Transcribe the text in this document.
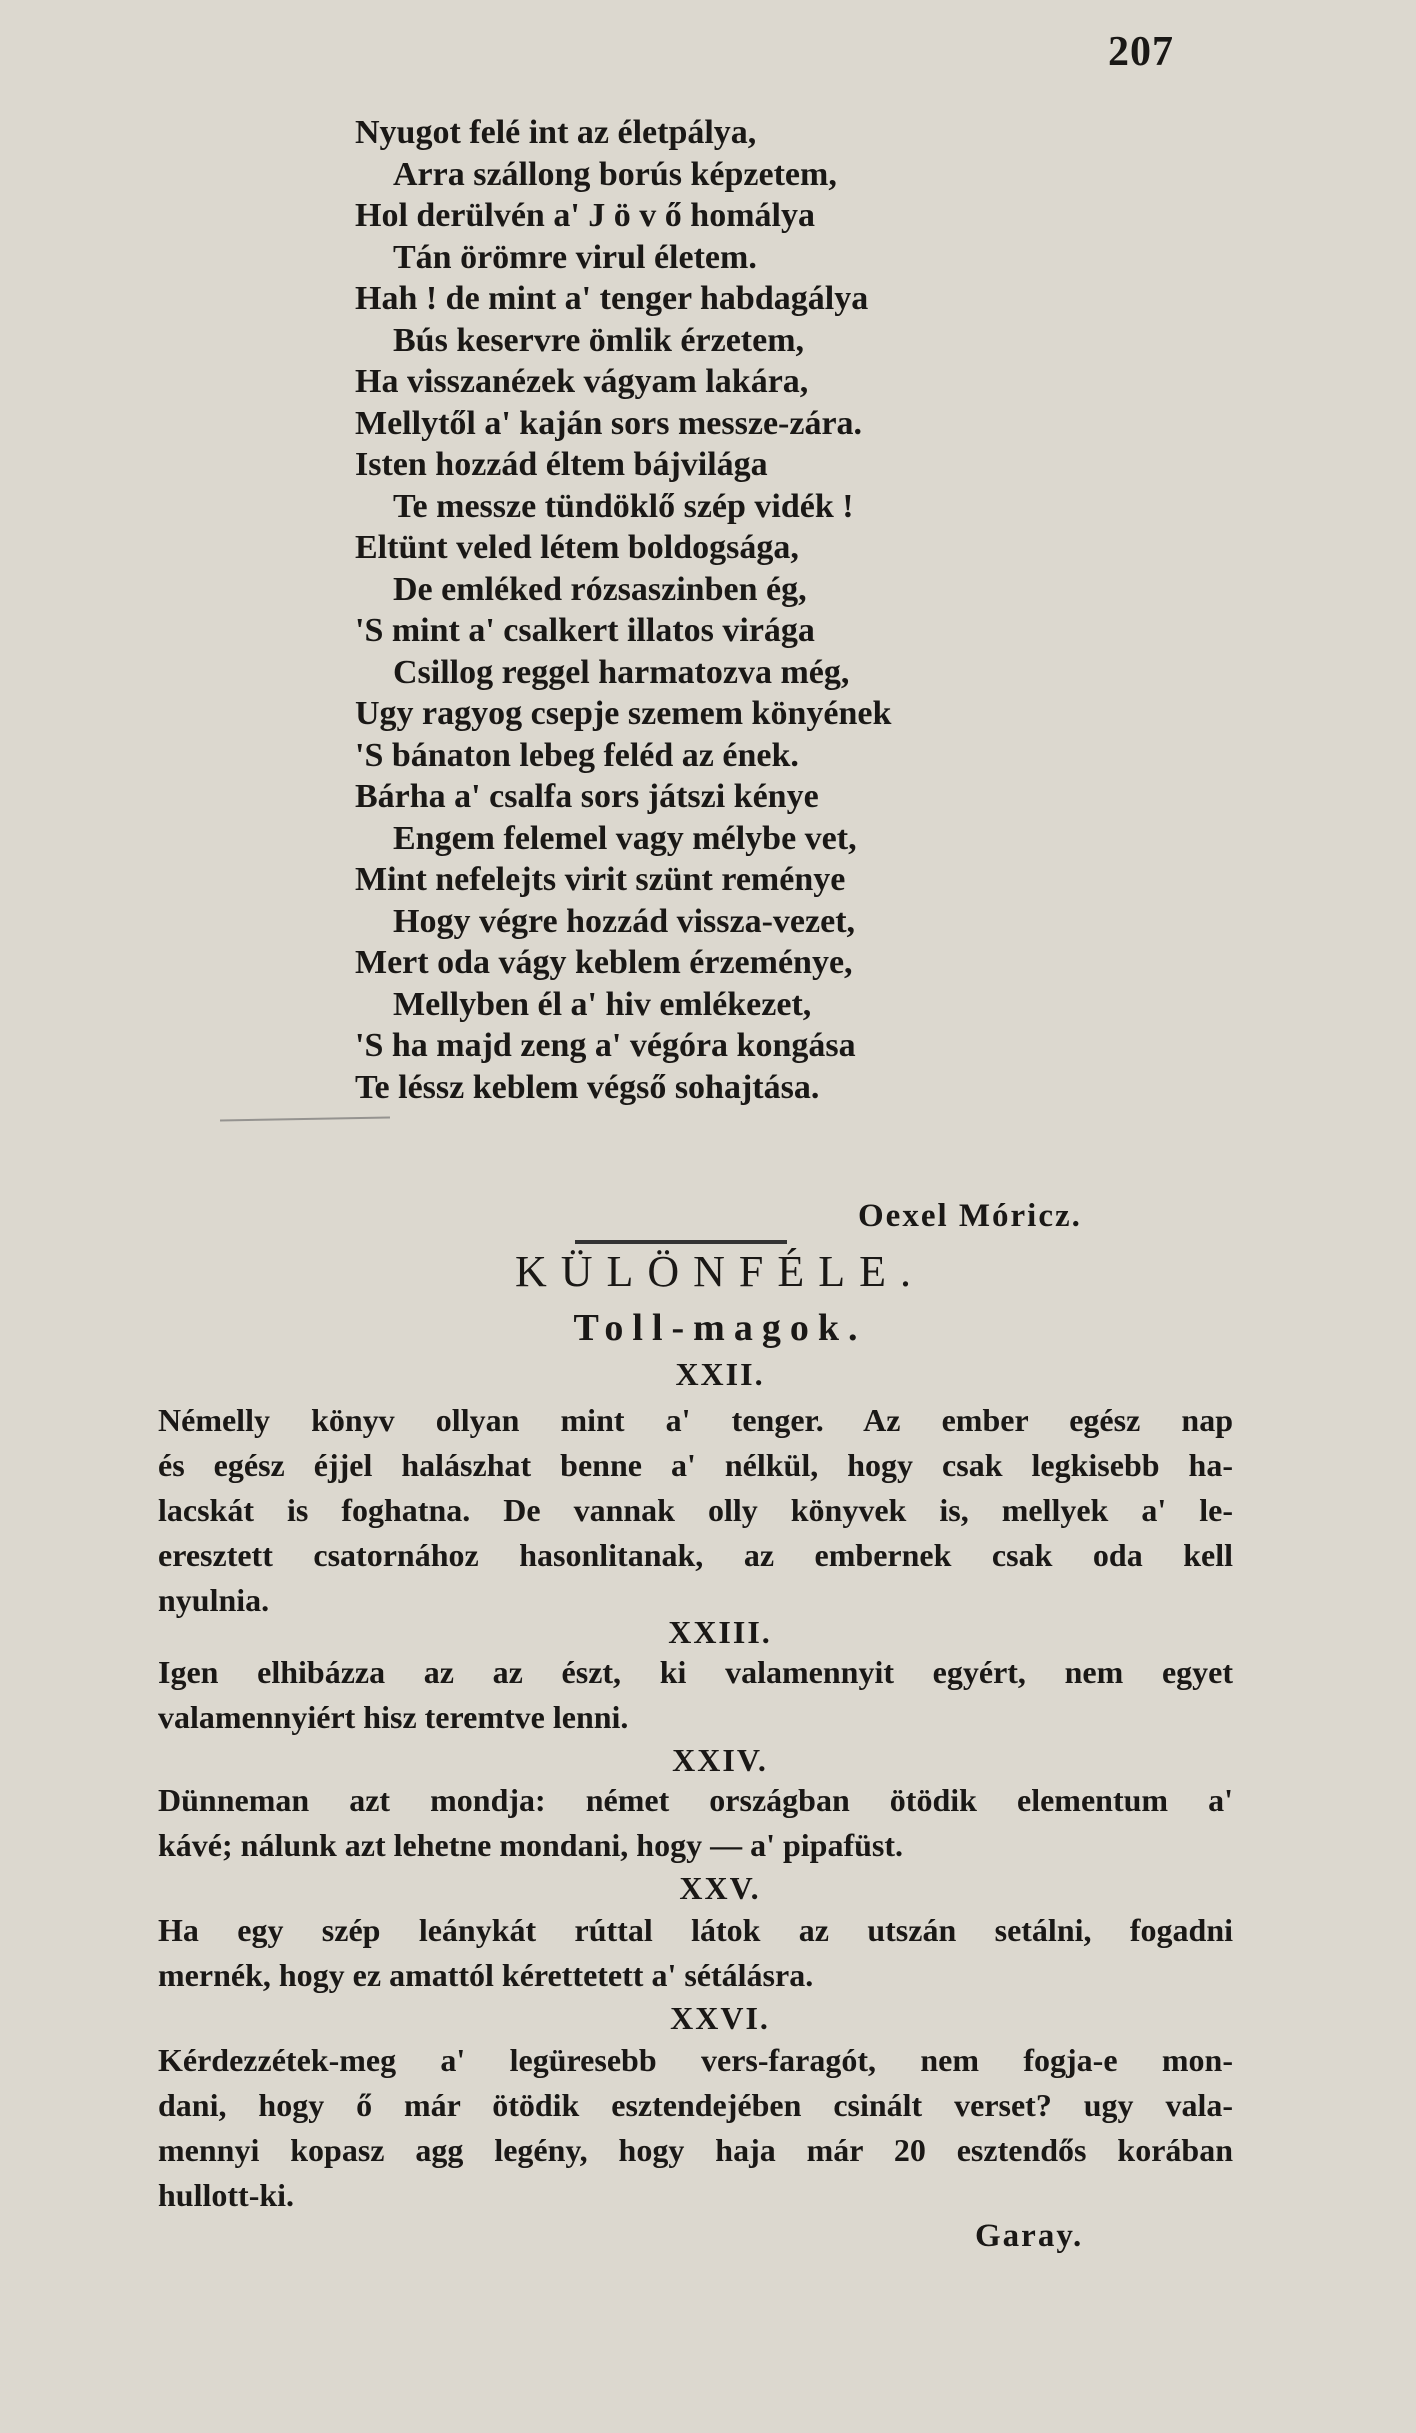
207
Nyugot felé int az életpálya,
Arra szállong borús képzetem,
Hol derülvén a' J ö v ő homálya
Tán örömre virul életem.
Hah ! de mint a' tenger habdagálya
Bús keservre ömlik érzetem,
Ha visszanézek vágyam lakára,
Mellytől a' kaján sors messze-zára.
Isten hozzád éltem bájvilága
Te messze tündöklő szép vidék !
Eltünt veled létem boldogsága,
De emléked rózsaszinben ég,
'S mint a' csalkert illatos virága
Csillog reggel harmatozva még,
Ugy ragyog csepje szemem könyének
'S bánaton lebeg feléd az ének.
Bárha a' csalfa sors játszi kénye
Engem felemel vagy mélybe vet,
Mint nefelejts virit szünt reménye
Hogy végre hozzád vissza-vezet,
Mert oda vágy keblem érzeménye,
Mellyben él a' hiv emlékezet,
'S ha majd zeng a' végóra kongása
Te léssz keblem végső sohajtása.
Oexel Móricz.
KÜLÖNFÉLE.
Toll-magok.
XXII.
Némelly könyv ollyan mint a' tenger. Az ember egész nap
és egész éjjel halászhat benne a' nélkül, hogy csak legkisebb ha-
lacskát is foghatna. De vannak olly könyvek is, mellyek a' le-
eresztett csatornához hasonlitanak, az embernek csak oda kell
nyulnia.
XXIII.
Igen elhibázza az az észt, ki valamennyit egyért, nem egyet
valamennyiért hisz teremtve lenni.
XXIV.
Dünneman azt mondja: német országban ötödik elementum a'
kávé; nálunk azt lehetne mondani, hogy — a' pipafüst.
XXV.
Ha egy szép leánykát rúttal látok az utszán setálni, fogadni
mernék, hogy ez amattól kérettetett a' sétálásra.
XXVI.
Kérdezzétek-meg a' legüresebb vers-faragót, nem fogja-e mon-
dani, hogy ő már ötödik esztendejében csinált verset? ugy vala-
mennyi kopasz agg legény, hogy haja már 20 esztendős korában
hullott-ki.
Garay.
